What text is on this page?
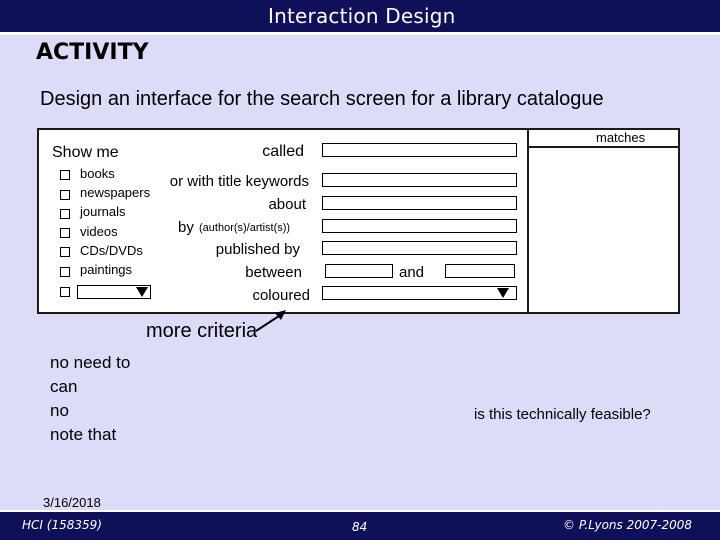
Interaction Design
ACTIVITY
Design an interface for the search screen for a library catalogue
matches
Show me
books
newspapers
journals
videos
CDs/DVDs
paintings
called
or with title keywords
about
by (author(s)/artist(s))
published by
between
coloured
and
more criteria
no need to
can
no
note that
is this technically feasible?
3/16/2018
HCI (158359)	84	© P.Lyons 2007-2008
